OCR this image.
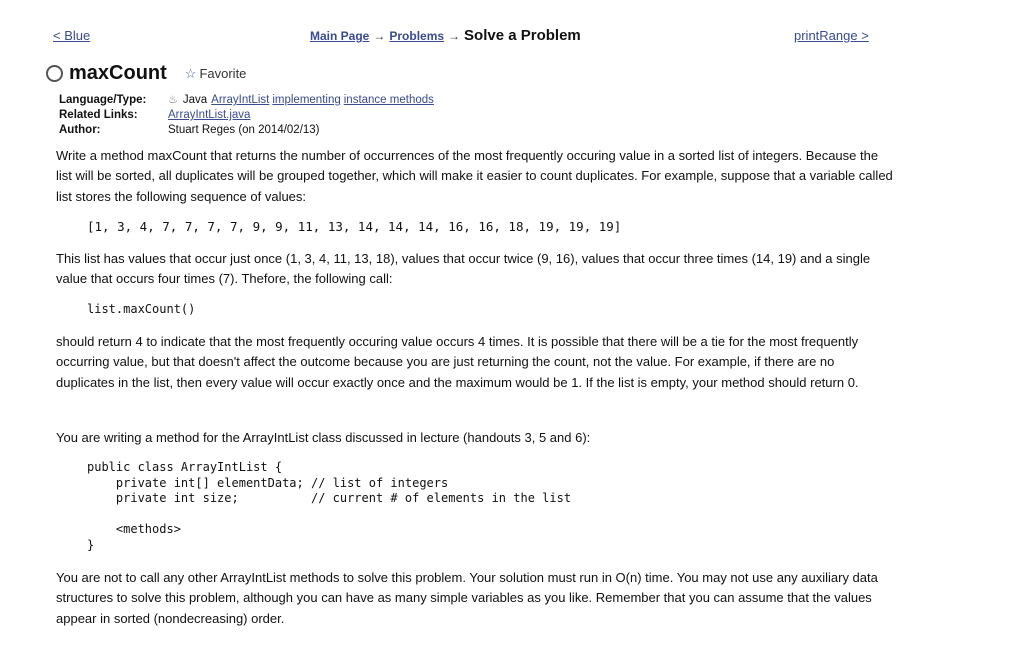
< Blue	Main Page → Problems → Solve a Problem	printRange >
maxCount ☆ Favorite
Language/Type:	♨ Java ArrayIntList implementing instance methods
Related Links:	ArrayIntList.java
Author:	Stuart Reges (on 2014/02/13)

Write a method maxCount that returns the number of occurrences of the most frequently occuring value in a sorted list of integers. Because the list will be sorted, all duplicates will be grouped together, which will make it easier to count duplicates. For example, suppose that a variable called list stores the following sequence of values:

[1, 3, 4, 7, 7, 7, 7, 9, 9, 11, 13, 14, 14, 14, 16, 16, 18, 19, 19, 19]

This list has values that occur just once (1, 3, 4, 11, 13, 18), values that occur twice (9, 16), values that occur three times (14, 19) and a single value that occurs four times (7). Thefore, the following call:

list.maxCount()

should return 4 to indicate that the most frequently occuring value occurs 4 times. It is possible that there will be a tie for the most frequently occurring value, but that doesn't affect the outcome because you are just returning the count, not the value. For example, if there are no duplicates in the list, then every value will occur exactly once and the maximum would be 1. If the list is empty, your method should return 0.

You are writing a method for the ArrayIntList class discussed in lecture (handouts 3, 5 and 6):

public class ArrayIntList {
private int[] elementData; // list of integers
private int size;          // current # of elements in the list

<methods>
}

You are not to call any other ArrayIntList methods to solve this problem. Your solution must run in O(n) time. You may not use any auxiliary data structures to solve this problem, although you can have as many simple variables as you like. Remember that you can assume that the values appear in sorted (nondecreasing) order.
